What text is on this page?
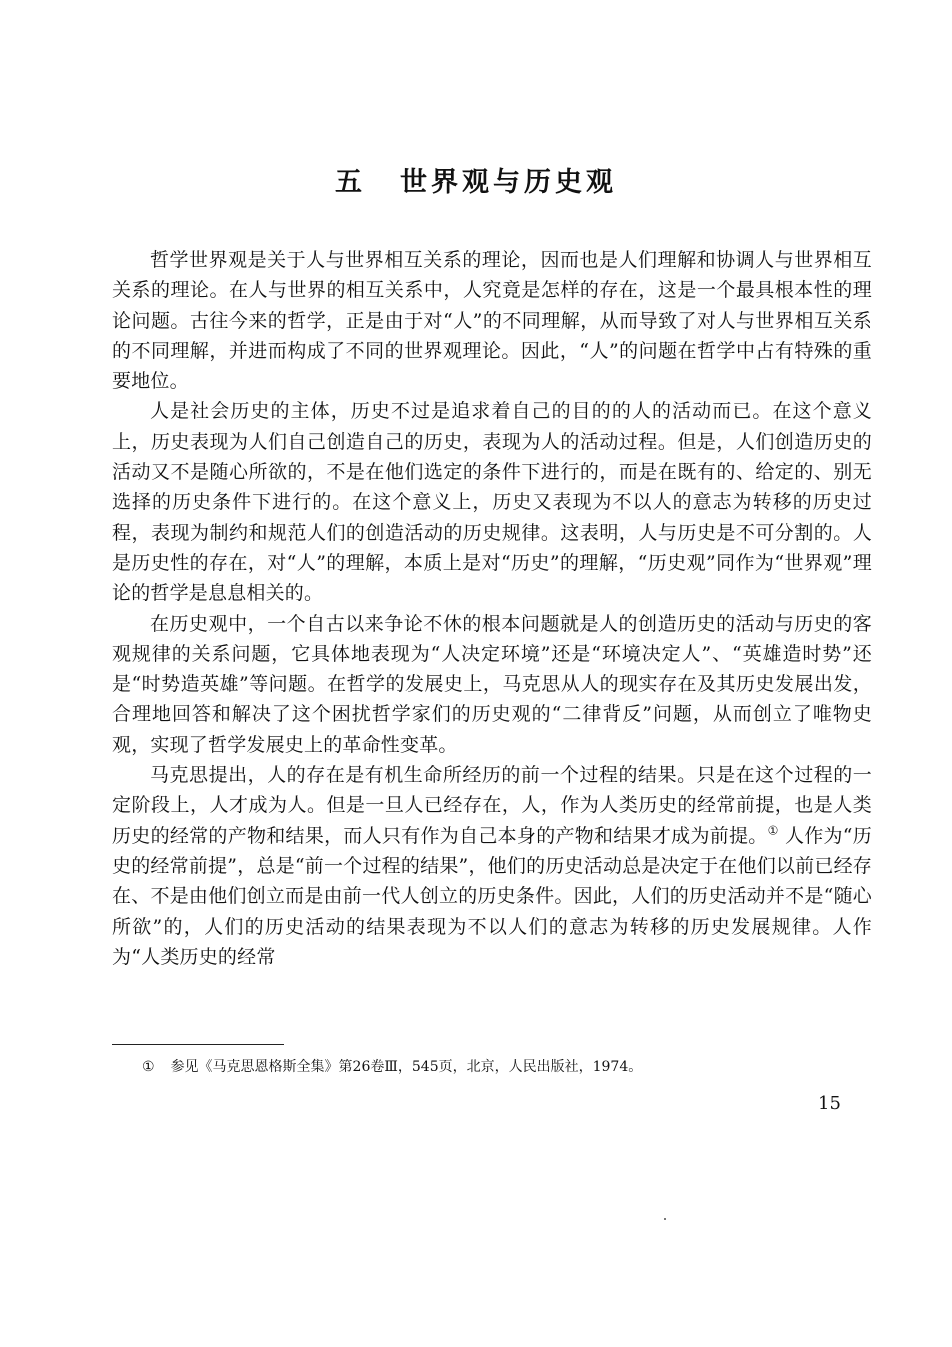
五 世界观与历史观

哲学世界观是关于人与世界相互关系的理论，因而也是人们理解和协调人与世界相互关系的理论。在人与世界的相互关系中，人究竟是怎样的存在，这是一个最具根本性的理论问题。古往今来的哲学，正是由于对“人”的不同理解，从而导致了对人与世界相互关系的不同理解，并进而构成了不同的世界观理论。因此，“人”的问题在哲学中占有特殊的重要地位。

人是社会历史的主体，历史不过是追求着自己的目的的人的活动而已。在这个意义上，历史表现为人们自己创造自己的历史，表现为人的活动过程。但是，人们创造历史的活动又不是随心所欲的，不是在他们选定的条件下进行的，而是在既有的、给定的、别无选择的历史条件下进行的。在这个意义上，历史又表现为不以人的意志为转移的历史过程，表现为制约和规范人们的创造活动的历史规律。这表明，人与历史是不可分割的。人是历史性的存在，对“人”的理解，本质上是对“历史”的理解，“历史观”同作为“世界观”理论的哲学是息息相关的。

在历史观中，一个自古以来争论不休的根本问题就是人的创造历史的活动与历史的客观规律的关系问题，它具体地表现为“人决定环境”还是“环境决定人”、“英雄造时势”还是“时势造英雄”等问题。在哲学的发展史上，马克思从人的现实存在及其历史发展出发，合理地回答和解决了这个困扰哲学家们的历史观的“二律背反”问题，从而创立了唯物史观，实现了哲学发展史上的革命性变革。

马克思提出，人的存在是有机生命所经历的前一个过程的结果。只是在这个过程的一定阶段上，人才成为人。但是一旦人已经存在，人，作为人类历史的经常前提，也是人类历史的经常的产物和结果，而人只有作为自己本身的产物和结果才成为前提。① 人作为“历史的经常前提”，总是“前一个过程的结果”，他们的历史活动总是决定于在他们以前已经存在、不是由他们创立而是由前一代人创立的历史条件。因此，人们的历史活动并不是“随心所欲”的，人们的历史活动的结果表现为不以人们的意志为转移的历史发展规律。人作为“人类历史的经常

① 参见《马克思恩格斯全集》第26卷Ⅲ，545页，北京，人民出版社，1974。
15
